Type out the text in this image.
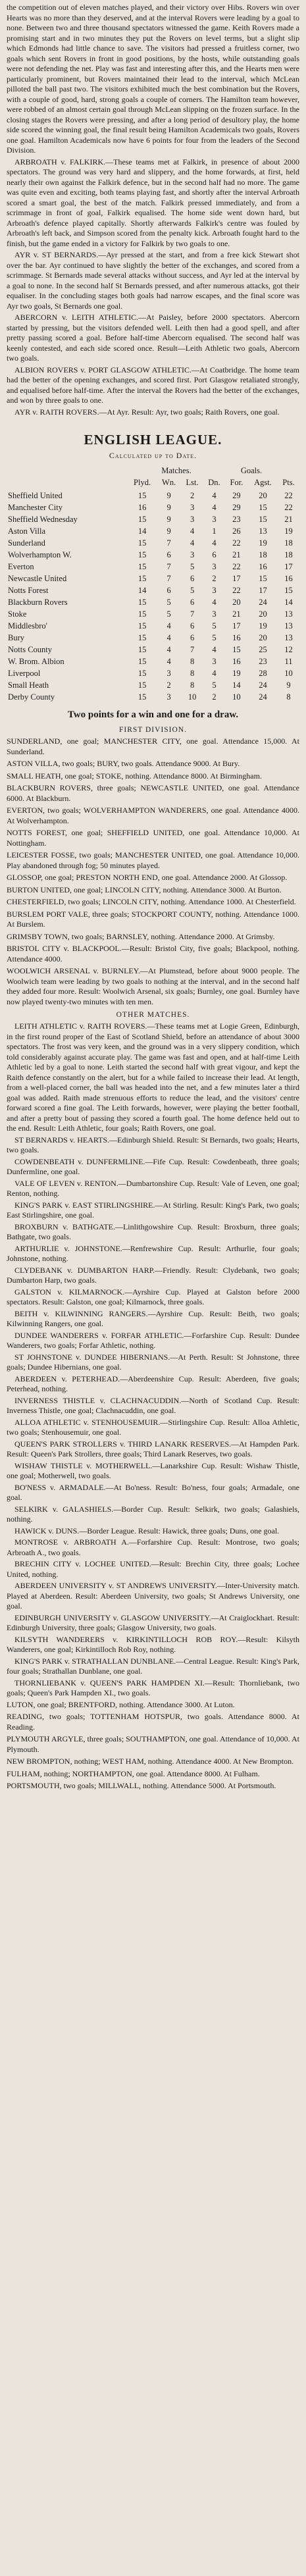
the competition out of eleven matches played, and their victory over Hibs. Rovers win over Hearts was no more than they deserved, and at the interval Rovers were leading by a goal to none. Between two and three thousand spectators witnessed the game. Keith Rovers made a promising start and in two minutes they put the Rovers on level terms, but a slight slip which Edmonds had little chance to save. The visitors had pressed a fruitless corner, two goals which sent Rovers in front in good positions, by the hosts, while outstanding goals were not defending the net. Play was fast and interesting after this, and the Hearts men were particularly prominent, but Rovers maintained their lead to the interval, which McLean pilloted the ball past two. The visitors exhibited much the best combination but the Rovers, with a couple of good, hard, strong goals a couple of corners. The Hamilton team however, were robbed of an almost certain goal through McLean slipping on the frozen surface. In the closing stages the Rovers were pressing, and after a long period of desultory play, the home side scored the winning goal, the final result being Hamilton Academicals two goals, Rovers one goal. Hamilton Academicals now have 6 points for four from the leaders of the Second Division.

ARBROATH v. FALKIRK.—These teams met at Falkirk, in presence of about 2000 spectators. The ground was very hard and slippery, and the home forwards, at first, held nearly their own against the Falkirk defence, but in the second half had no more. The game was quite even and exciting, both teams playing fast, and shortly after the interval Arbroath scored a smart goal, the best of the match. Falkirk pressed immediately, and from a scrimmage in front of goal, Falkirk equalised. The home side went down hard, but Arbroath's defence played capitally. Shortly afterwards Falkirk's centre was fouled by Arbroath's left back, and Simpson scored from the penalty kick. Arbroath fought hard to the finish, but the game ended in a victory for Falkirk by two goals to one.

AYR v. ST BERNARDS.—Ayr pressed at the start, and from a free kick Stewart shot over the bar. Ayr continued to have slightly the better of the exchanges, and scored from a scrimmage. St Bernards made several attacks without success, and Ayr led at the interval by a goal to none. In the second half St Bernards pressed, and after numerous attacks, got their equaliser. In the concluding stages both goals had narrow escapes, and the final score was Ayr two goals, St Bernards one goal.

ABERCORN v. LEITH ATHLETIC.—At Paisley, before 2000 spectators. Abercorn started by pressing, but the visitors defended well. Leith then had a good spell, and after pretty passing scored a goal. Before half-time Abercorn equalised. The second half was keenly contested, and each side scored once. Result—Leith Athletic two goals, Abercorn two goals.

ALBION ROVERS v. PORT GLASGOW ATHLETIC.—At Coatbridge. The home team had the better of the opening exchanges, and scored first. Port Glasgow retaliated strongly, and equalised before half-time. After the interval the Rovers had the better of the exchanges, and won by three goals to one.

AYR v. RAITH ROVERS.—At Ayr. Result: Ayr, two goals; Raith Rovers, one goal.

ENGLISH LEAGUE.
Calculated up to Date.
	Matches.				Goals.		
	Plyd.	Wn.	Lst.	Dn.	For.	Agst.	Pts.
Sheffield United	15	9	2	4	29	20	22
Manchester City	16	9	3	4	29	15	22
Sheffield Wednesday	15	9	3	3	23	15	21
Aston Villa	14	9	4	1	26	13	19
Sunderland	15	7	4	4	22	19	18
Wolverhampton W.	15	6	3	6	21	18	18
Everton	15	7	5	3	22	16	17
Newcastle United	15	7	6	2	17	15	16
Notts Forest	14	6	5	3	22	17	15
Blackburn Rovers	15	5	6	4	20	24	14
Stoke	15	5	7	3	21	20	13
Middlesbro'	15	4	6	5	17	19	13
Bury	15	4	6	5	16	20	13
Notts County	15	4	7	4	15	25	12
W. Brom. Albion	15	4	8	3	16	23	11
Liverpool	15	3	8	4	19	28	10
Small Heath	15	2	8	5	14	24	9
Derby County	15	3	10	2	10	24	8
Two points for a win and one for a draw.
FIRST DIVISION.

SUNDERLAND, one goal; MANCHESTER CITY, one goal. Attendance 15,000. At Sunderland.

ASTON VILLA, two goals; BURY, two goals. Attendance 9000. At Bury.

SMALL HEATH, one goal; STOKE, nothing. Attendance 8000. At Birmingham.

BLACKBURN ROVERS, three goals; NEWCASTLE UNITED, one goal. Attendance 6000. At Blackburn.

EVERTON, two goals; WOLVERHAMPTON WANDERERS, one goal. Attendance 4000. At Wolverhampton.

NOTTS FOREST, one goal; SHEFFIELD UNITED, one goal. Attendance 10,000. At Nottingham.

LEICESTER FOSSE, two goals; MANCHESTER UNITED, one goal. Attendance 10,000. Play abandoned through fog; 50 minutes played.

GLOSSOP, one goal; PRESTON NORTH END, one goal. Attendance 2000. At Glossop.

BURTON UNITED, one goal; LINCOLN CITY, nothing. Attendance 3000. At Burton.

CHESTERFIELD, two goals; LINCOLN CITY, nothing. Attendance 1000. At Chesterfield.

BURSLEM PORT VALE, three goals; STOCKPORT COUNTY, nothing. Attendance 1000. At Burslem.

GRIMSBY TOWN, two goals; BARNSLEY, nothing. Attendance 2000. At Grimsby.

BRISTOL CITY v. BLACKPOOL.—Result: Bristol City, five goals; Blackpool, nothing. Attendance 4000.

WOOLWICH ARSENAL v. BURNLEY.—At Plumstead, before about 9000 people. The Woolwich team were leading by two goals to nothing at the interval, and in the second half they added four more. Result: Woolwich Arsenal, six goals; Burnley, one goal. Burnley have now played twenty-two minutes with ten men.

OTHER MATCHES.

LEITH ATHLETIC v. RAITH ROVERS.—These teams met at Logie Green, Edinburgh, in the first round proper of the East of Scotland Shield, before an attendance of about 3000 spectators. The frost was very keen, and the ground was in a very slippery condition, which told considerably against accurate play. The game was fast and open, and at half-time Leith Athletic led by a goal to none. Leith started the second half with great vigour, and kept the Raith defence constantly on the alert, but for a while failed to increase their lead. At length, from a well-placed corner, the ball was headed into the net, and a few minutes later a third goal was added. Raith made strenuous efforts to reduce the lead, and the visitors' centre forward scored a fine goal. The Leith forwards, however, were playing the better football, and after a pretty bout of passing they scored a fourth goal. The home defence held out to the end. Result: Leith Athletic, four goals; Raith Rovers, one goal.

ST BERNARDS v. HEARTS.—Edinburgh Shield. Result: St Bernards, two goals; Hearts, two goals.

COWDENBEATH v. DUNFERMLINE.—Fife Cup. Result: Cowdenbeath, three goals; Dunfermline, one goal.

VALE OF LEVEN v. RENTON.—Dumbartonshire Cup. Result: Vale of Leven, one goal; Renton, nothing.

KING'S PARK v. EAST STIRLINGSHIRE.—At Stirling. Result: King's Park, two goals; East Stirlingshire, one goal.

BROXBURN v. BATHGATE.—Linlithgowshire Cup. Result: Broxburn, three goals; Bathgate, two goals.

ARTHURLIE v. JOHNSTONE.—Renfrewshire Cup. Result: Arthurlie, four goals; Johnstone, nothing.

CLYDEBANK v. DUMBARTON HARP.—Friendly. Result: Clydebank, two goals; Dumbarton Harp, two goals.

GALSTON v. KILMARNOCK.—Ayrshire Cup. Played at Galston before 2000 spectators. Result: Galston, one goal; Kilmarnock, three goals.

BEITH v. KILWINNING RANGERS.—Ayrshire Cup. Result: Beith, two goals; Kilwinning Rangers, one goal.

DUNDEE WANDERERS v. FORFAR ATHLETIC.—Forfarshire Cup. Result: Dundee Wanderers, two goals; Forfar Athletic, nothing.

ST JOHNSTONE v. DUNDEE HIBERNIANS.—At Perth. Result: St Johnstone, three goals; Dundee Hibernians, one goal.

ABERDEEN v. PETERHEAD.—Aberdeenshire Cup. Result: Aberdeen, five goals; Peterhead, nothing.

INVERNESS THISTLE v. CLACHNACUDDIN.—North of Scotland Cup. Result: Inverness Thistle, one goal; Clachnacuddin, one goal.

ALLOA ATHLETIC v. STENHOUSEMUIR.—Stirlingshire Cup. Result: Alloa Athletic, two goals; Stenhousemuir, one goal.

QUEEN'S PARK STROLLERS v. THIRD LANARK RESERVES.—At Hampden Park. Result: Queen's Park Strollers, three goals; Third Lanark Reserves, two goals.

WISHAW THISTLE v. MOTHERWELL.—Lanarkshire Cup. Result: Wishaw Thistle, one goal; Motherwell, two goals.

BO'NESS v. ARMADALE.—At Bo'ness. Result: Bo'ness, four goals; Armadale, one goal.

SELKIRK v. GALASHIELS.—Border Cup. Result: Selkirk, two goals; Galashiels, nothing.

HAWICK v. DUNS.—Border League. Result: Hawick, three goals; Duns, one goal.

MONTROSE v. ARBROATH A.—Forfarshire Cup. Result: Montrose, two goals; Arbroath A., two goals.

BRECHIN CITY v. LOCHEE UNITED.—Result: Brechin City, three goals; Lochee United, nothing.

ABERDEEN UNIVERSITY v. ST ANDREWS UNIVERSITY.—Inter-University match. Played at Aberdeen. Result: Aberdeen University, two goals; St Andrews University, one goal.

EDINBURGH UNIVERSITY v. GLASGOW UNIVERSITY.—At Craiglockhart. Result: Edinburgh University, three goals; Glasgow University, two goals.

KILSYTH WANDERERS v. KIRKINTILLOCH ROB ROY.—Result: Kilsyth Wanderers, one goal; Kirkintilloch Rob Roy, nothing.

KING'S PARK v. STRATHALLAN DUNBLANE.—Central League. Result: King's Park, four goals; Strathallan Dunblane, one goal.

THORNLIEBANK v. QUEEN'S PARK HAMPDEN XI.—Result: Thornliebank, two goals; Queen's Park Hampden XI., two goals.

LUTON, one goal; BRENTFORD, nothing. Attendance 3000. At Luton.

READING, two goals; TOTTENHAM HOTSPUR, two goals. Attendance 8000. At Reading.

PLYMOUTH ARGYLE, three goals; SOUTHAMPTON, one goal. Attendance of 10,000. At Plymouth.

NEW BROMPTON, nothing; WEST HAM, nothing. Attendance 4000. At New Brompton.

FULHAM, nothing; NORTHAMPTON, one goal. Attendance 8000. At Fulham.

PORTSMOUTH, two goals; MILLWALL, nothing. Attendance 5000. At Portsmouth.
